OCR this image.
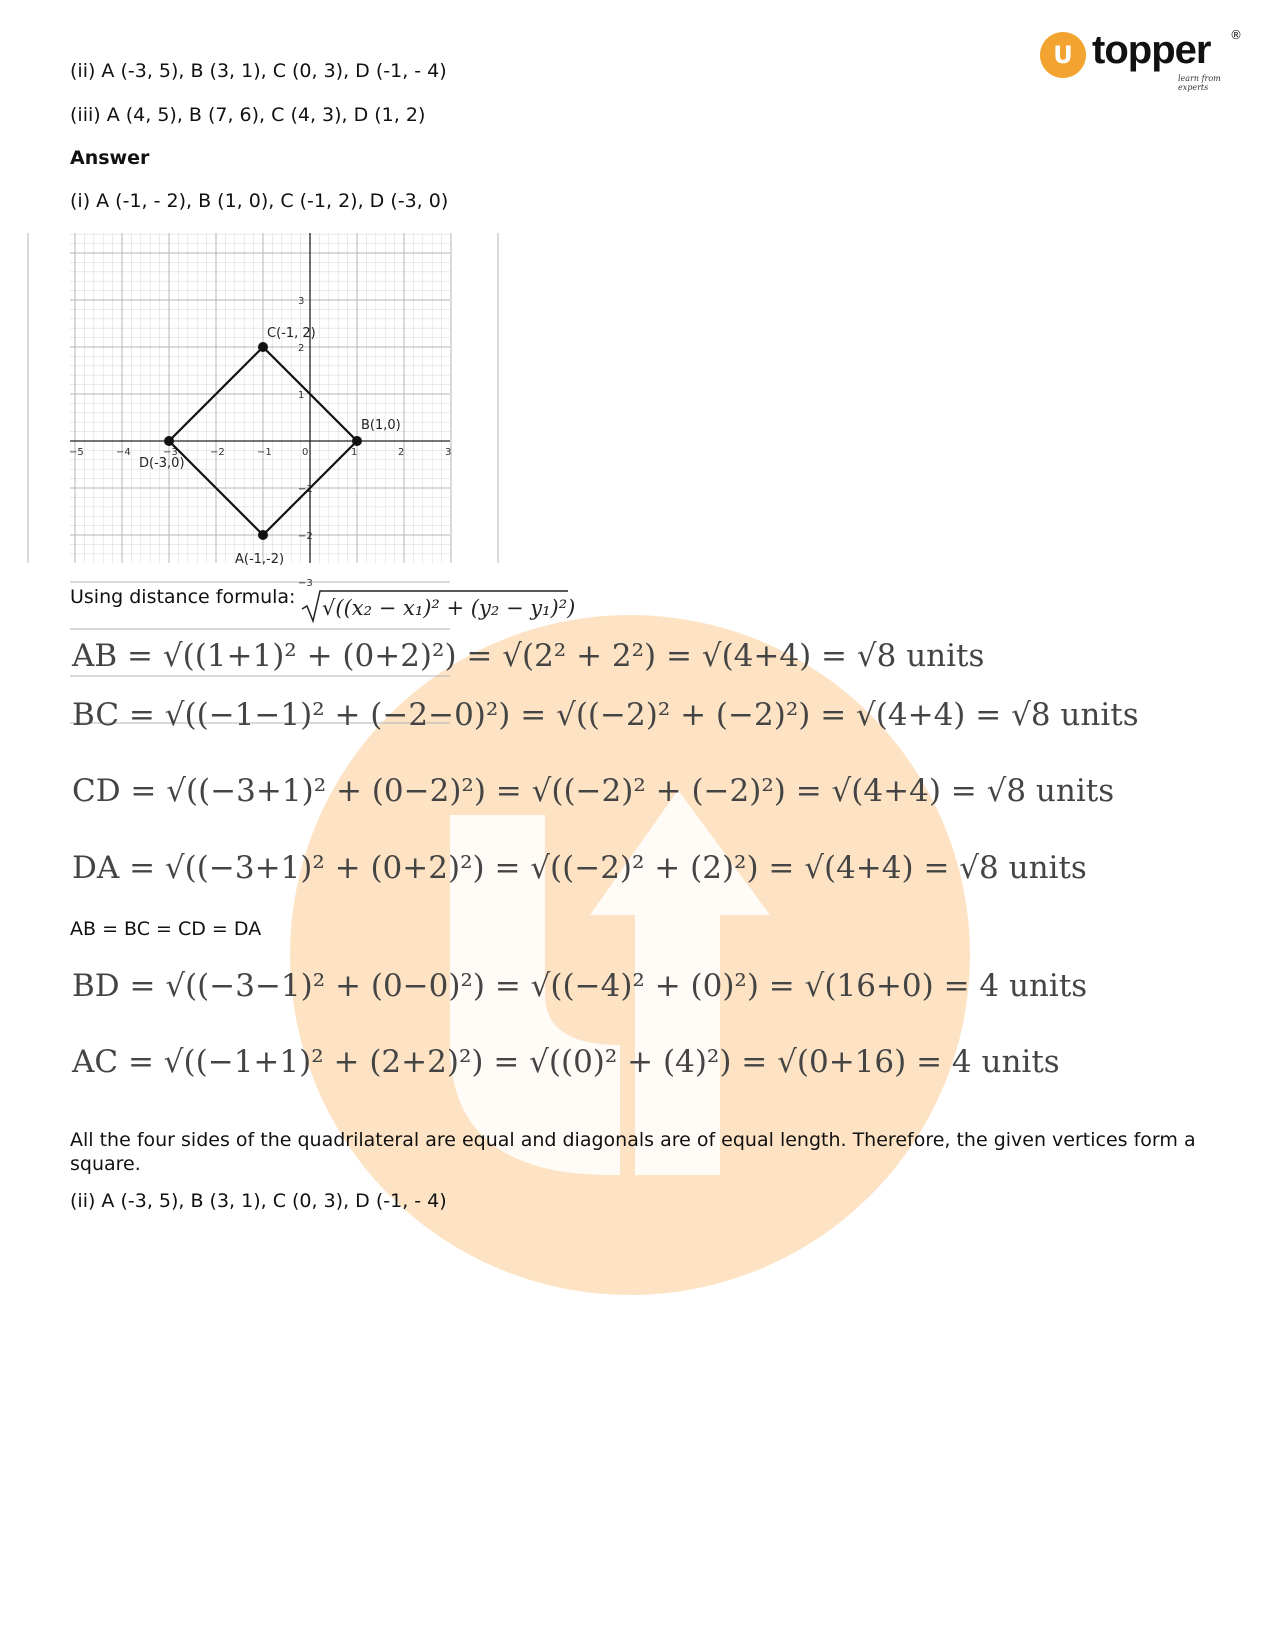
U topper ®
learn from experts
(ii) A (-3, 5), B (3, 1), C (0, 3), D (-1, - 4)
(iii) A (4, 5), B (7, 6), C (4, 3), D (1, 2)
Answer
(i) A (-1, - 2), B (1, 0), C (-1, 2), D (-3, 0)
−5	−4	−3	−2	−1	0	1	2	3
3
2
1
−1
−2
−3
A(-1,-2)
B(1,0)
C(-1, 2)
D(-3,0)
Using distance formula: √((x₂ − x₁)² + (y₂ − y₁)²)
AB = √((1+1)² + (0+2)²) = √(2² + 2²) = √(4+4) = √8 units
BC = √((−1−1)² + (−2−0)²) = √((−2)² + (−2)²) = √(4+4) = √8 units
CD = √((−3+1)² + (0−2)²) = √((−2)² + (−2)²) = √(4+4) = √8 units
DA = √((−3+1)² + (0+2)²) = √((−2)² + (2)²) = √(4+4) = √8 units
AB = BC = CD = DA
BD = √((−3−1)² + (0−0)²) = √((−4)² + (0)²) = √(16+0) = 4 units
AC = √((−1+1)² + (2+2)²) = √((0)² + (4)²) = √(0+16) = 4 units
All the four sides of the quadrilateral are equal and diagonals are of equal length. Therefore, the given vertices form a square.
(ii) A (-3, 5), B (3, 1), C (0, 3), D (-1, - 4)
